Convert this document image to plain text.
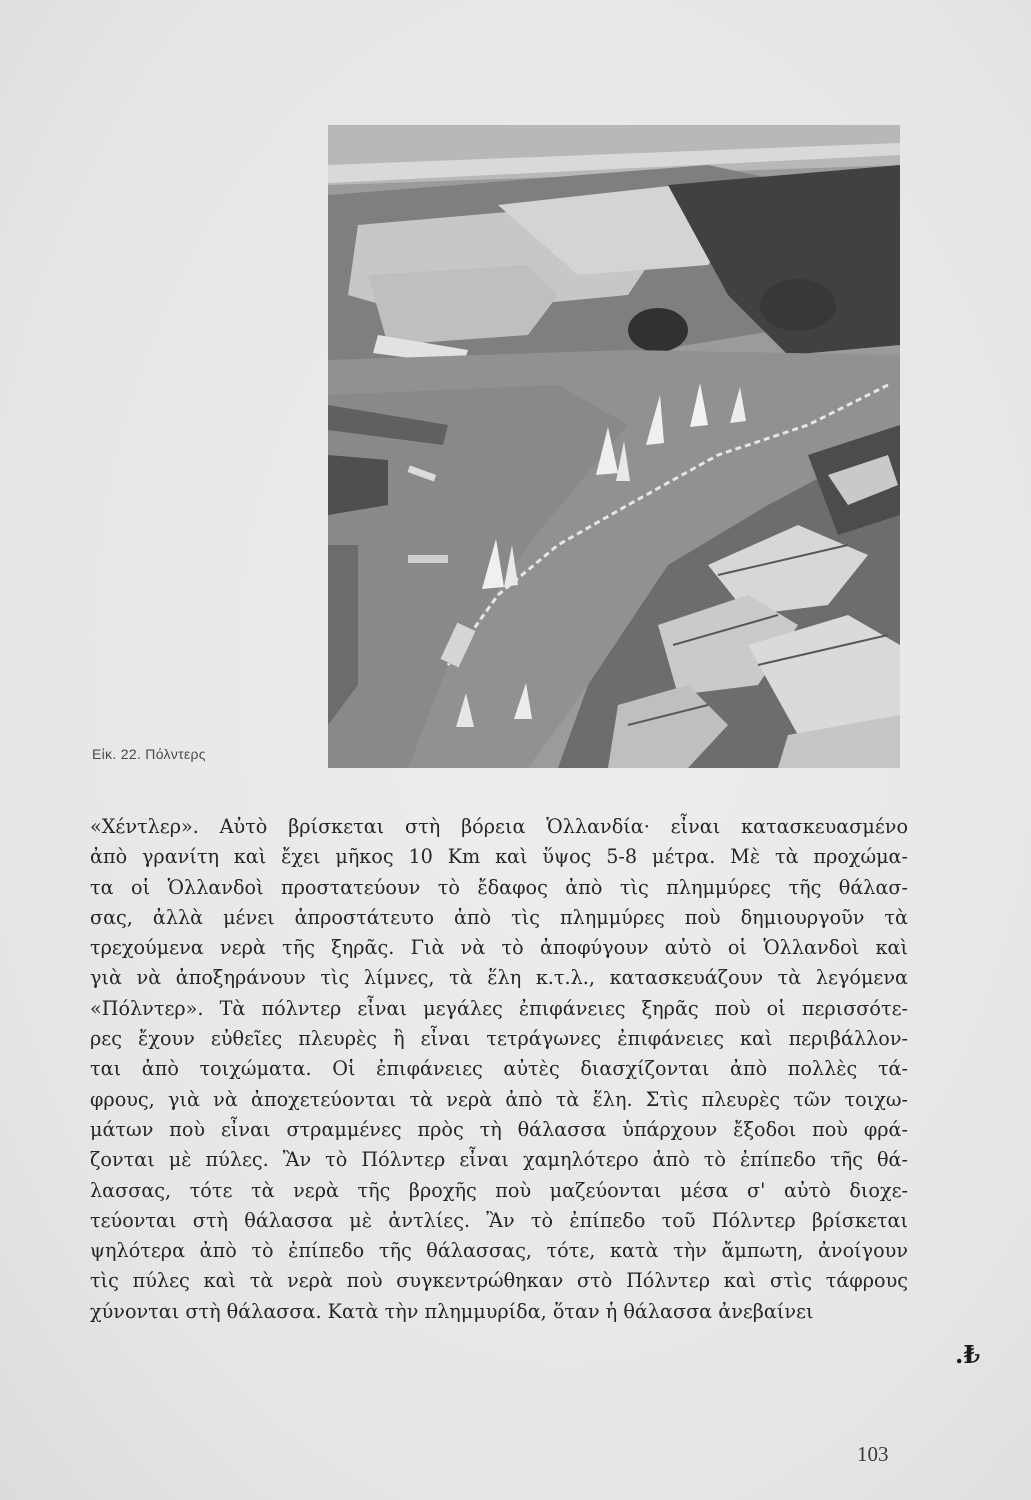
Εἰκ. 22. Πόλντερς
«Χέντλερ». Αὐτὸ βρίσκεται στὴ βόρεια Ὁλλανδία· εἶναι κατασκευασμένο
ἀπὸ γρανίτη καὶ ἔχει μῆκος 10 Km καὶ ὕψος 5-8 μέτρα. Μὲ τὰ προχώμα-
τα οἱ Ὁλλανδοὶ προστατεύουν τὸ ἔδαφος ἀπὸ τὶς πλημμύρες τῆς θάλασ-
σας, ἀλλὰ μένει ἀπροστάτευτο ἀπὸ τὶς πλημμύρες ποὺ δημιουργοῦν τὰ
τρεχούμενα νερὰ τῆς ξηρᾶς. Γιὰ νὰ τὸ ἀποφύγουν αὐτὸ οἱ Ὁλλανδοὶ καὶ
γιὰ νὰ ἀποξηράνουν τὶς λίμνες, τὰ ἕλη κ.τ.λ., κατασκευάζουν τὰ λεγόμενα
«Πόλντερ». Τὰ πόλντερ εἶναι μεγάλες ἐπιφάνειες ξηρᾶς ποὺ οἱ περισσότε-
ρες ἔχουν εὐθεῖες πλευρὲς ἢ εἶναι τετράγωνες ἐπιφάνειες καὶ περιβάλλον-
ται ἀπὸ τοιχώματα. Οἱ ἐπιφάνειες αὐτὲς διασχίζονται ἀπὸ πολλὲς τά-
φρους, γιὰ νὰ ἀποχετεύονται τὰ νερὰ ἀπὸ τὰ ἕλη. Στὶς πλευρὲς τῶν τοιχω-
μάτων ποὺ εἶναι στραμμένες πρὸς τὴ θάλασσα ὑπάρχουν ἔξοδοι ποὺ φρά-
ζονται μὲ πύλες. Ἂν τὸ Πόλντερ εἶναι χαμηλότερο ἀπὸ τὸ ἐπίπεδο τῆς θά-
λασσας, τότε τὰ νερὰ τῆς βροχῆς ποὺ μαζεύονται μέσα σ' αὐτὸ διοχε-
τεύονται στὴ θάλασσα μὲ ἀντλίες. Ἂν τὸ ἐπίπεδο τοῦ Πόλντερ βρίσκεται
ψηλότερα ἀπὸ τὸ ἐπίπεδο τῆς θάλασσας, τότε, κατὰ τὴν ἄμπωτη, ἀνοίγουν
τὶς πύλες καὶ τὰ νερὰ ποὺ συγκεντρώθηκαν στὸ Πόλντερ καὶ στὶς τάφρους
χύνονται στὴ θάλασσα. Κατὰ τὴν πλημμυρίδα, ὅταν ἡ θάλασσα ἀνεβαίνει
.₺
103
